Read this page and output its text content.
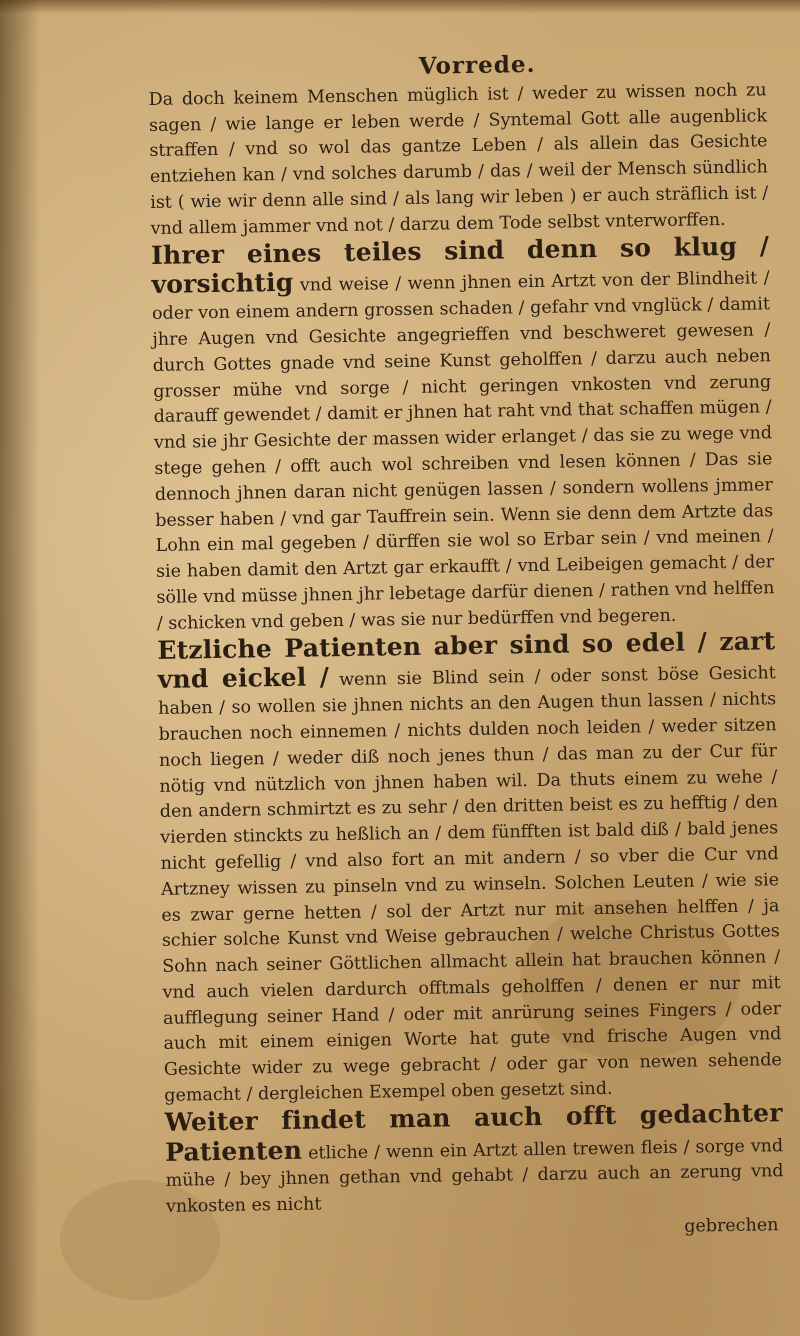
Vorrede.

Da doch keinem Menschen müglich ist / weder zu wissen noch zu sagen / wie lange er leben werde / Syntemal Gott alle augenblick straffen / vnd so wol das gantze Leben / als allein das Gesichte entziehen kan / vnd solches darumb / das / weil der Mensch sündlich ist ( wie wir denn alle sind / als lang wir leben ) er auch sträflich ist / vnd allem jammer vnd not / darzu dem Tode selbst vnterworffen.

Ihrer eines teiles sind denn so klug / vorsichtig vnd weise / wenn jhnen ein Artzt von der Blindheit / oder von einem andern grossen schaden / gefahr vnd vnglück / damit jhre Augen vnd Gesichte angegrieffen vnd beschweret gewesen / durch Gottes gnade vnd seine Kunst geholffen / darzu auch neben grosser mühe vnd sorge / nicht geringen vnkosten vnd zerung darauff gewendet / damit er jhnen hat raht vnd that schaffen mügen / vnd sie jhr Gesichte der massen wider erlanget / das sie zu wege vnd stege gehen / offt auch wol schreiben vnd lesen können / Das sie dennoch jhnen daran nicht genügen lassen / sondern wollens jmmer besser haben / vnd gar Tauffrein sein. Wenn sie denn dem Artzte das Lohn ein mal gegeben / dürffen sie wol so Erbar sein / vnd meinen / sie haben damit den Artzt gar erkaufft / vnd Leibeigen gemacht / der sölle vnd müsse jhnen jhr lebetage darfür dienen / rathen vnd helffen / schicken vnd geben / was sie nur bedürffen vnd begeren.

Etzliche Patienten aber sind so edel / zart vnd eickel / wenn sie Blind sein / oder sonst böse Gesicht haben / so wollen sie jhnen nichts an den Augen thun lassen / nichts brauchen noch einnemen / nichts dulden noch leiden / weder sitzen noch liegen / weder diß noch jenes thun / das man zu der Cur für nötig vnd nützlich von jhnen haben wil. Da thuts einem zu wehe / den andern schmirtzt es zu sehr / den dritten beist es zu hefftig / den vierden stinckts zu heßlich an / dem fünfften ist bald diß / bald jenes nicht gefellig / vnd also fort an mit andern / so vber die Cur vnd Artzney wissen zu pinseln vnd zu winseln. Solchen Leuten / wie sie es zwar gerne hetten / sol der Artzt nur mit ansehen helffen / ja schier solche Kunst vnd Weise gebrauchen / welche Christus Gottes Sohn nach seiner Göttlichen allmacht allein hat brauchen können / vnd auch vielen dardurch offtmals geholffen / denen er nur mit aufflegung seiner Hand / oder mit anrürung seines Fingers / oder auch mit einem einigen Worte hat gute vnd frische Augen vnd Gesichte wider zu wege gebracht / oder gar von newen sehende gemacht / dergleichen Exempel oben gesetzt sind.

Weiter findet man auch offt gedachter Patienten etliche / wenn ein Artzt allen trewen fleis / sorge vnd mühe / bey jhnen gethan vnd gehabt / darzu auch an zerung vnd vnkosten es nicht

gebrechen
